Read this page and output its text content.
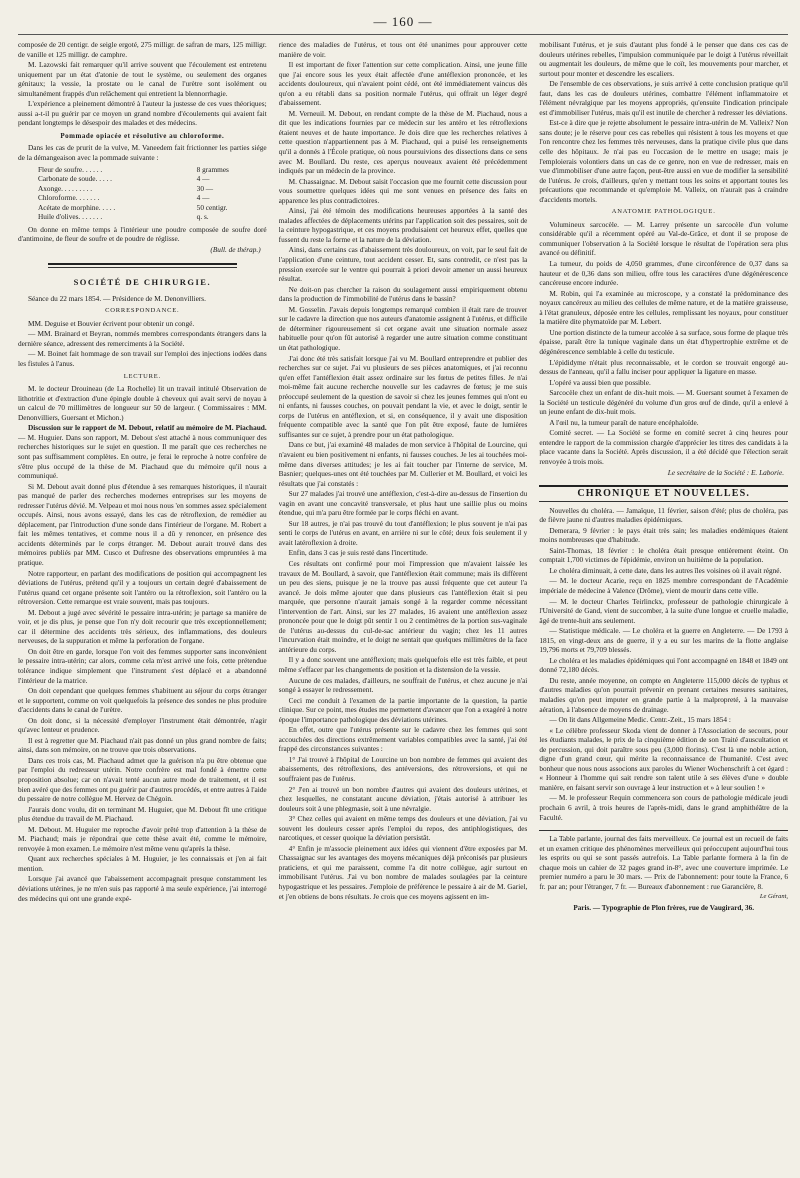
— 160 —

composée de 20 centigr. de seigle ergoté, 275 milligr. de safran de mars, 125 milligr. de vanille et 125 milligr. de camphre.

M. Lazowski fait remarquer qu'il arrive souvent que l'écoulement est entretenu uniquement par un état d'atonie de tout le système, ou seulement des organes génitaux; la vessie, la prostate ou le canal de l'urètre sont isolément ou simultanément frappés d'un relâchement qui entretient la blennorrhagie.

L'expérience a pleinement démontré à l'auteur la justesse de ces vues théoriques; aussi a-t-il pu guérir par ce moyen un grand nombre d'écoulements qui avaient fait pendant longtemps le désespoir des malades et des médecins.

Pommade opiacée et résolutive au chloroforme.

Dans les cas de prurit de la vulve, M. Vaneedem fait frictionner les parties siége de la démangeaison avec la pommade suivante :

Fleur de soufre. . . . . .	8 grammes
Carbonate de soude. . . . .	4 —
Axonge. . . . . . . . .	30 —
Chloroforme. . . . . . .	4 —
Acétate de morphine. . . . .	50 centigr.
Huile d'olives. . . . . . .	q. s.

On donne en même temps à l'intérieur une poudre composée de soufre doré d'antimoine, de fleur de soufre et de poudre de réglisse.

(Bull. de thérap.)
SOCIÉTÉ DE CHIRURGIE.

Séance du 22 mars 1854. — Présidence de M. Denonvilliers.

CORRESPONDANCE.

MM. Deguise et Bouvier écrivent pour obtenir un congé.

— MM. Brainard et Beyran, nommés membres correspondants étrangers dans la dernière séance, adressent des remerciments à la Société.

— M. Boinet fait hommage de son travail sur l'emploi des injections iodées dans les fistules à l'anus.

LECTURE.

M. le docteur Drouineau (de La Rochelle) lit un travail intitulé Observation de lithotritie et d'extraction d'une épingle double à cheveux qui avait servi de noyau à un calcul de 70 millimètres de longueur sur 50 de largeur. ( Commissaires : MM. Denonvilliers, Guersant et Michon.)

Discussion sur le rapport de M. Debout, relatif au mémoire de M. Piachaud. — M. Huguier. Dans son rapport, M. Debout s'est attaché à nous communiquer des recherches historiques sur le sujet en question. Il me paraît que ces recherches ne sont pas suffisamment complètes. En outre, je ferai le reproche à notre confrère de s'être plus occupé de la thèse de M. Piachaud que du mémoire qu'il nous a communiqué.

Si M. Debout avait donné plus d'étendue à ses remarques historiques, il n'aurait pas manqué de parler des recherches modernes entreprises sur les moyens de redresser l'utérus dévié. M. Velpeau et moi nous nous 'en sommes assez spécialement occupés. Ainsi, nous avons essayé, dans les cas de rétroflexion, de remédier au déplacement, par l'introduction d'une sonde dans l'intérieur de l'organe. M. Robert a fait les mêmes tentatives, et comme nous il a dû y renoncer, en présence des accidents déterminés par le corps étranger. M. Debout aurait trouvé dans des mémoires publiés par MM. Cusco et Dufresne des observations empruntées à ma pratique.

Notre rapporteur, en parlant des modifications de position qui accompagnent les déviations de l'utérus, prétend qu'il y a toujours un certain degré d'abaissement de l'utérus quand cet organe présente soit l'antéro ou la rétroflexion, soit l'antéro ou la rétroversion. Cette remarque est vraie souvent, mais pas toujours.

M. Debout a jugé avec sévérité le pessaire intra-utérin; je partage sa manière de voir, et je dis plus, je pense que l'on n'y doit recourir que très exceptionnellement; car il détermine des accidents très sérieux, des inflammations, des douleurs nerveuses, de la suppuration et même la perforation de l'organe.

On doit être en garde, lorsque l'on voit des femmes supporter sans inconvénient le pessaire intra-utérin; car alors, comme cela m'est arrivé une fois, cette prétendue tolérance indique simplement que l'instrument s'est déplacé et a abandonné l'intérieur de la matrice.

On doit cependant que quelques femmes s'habituent au séjour du corps étranger et le supportent, comme on voit quelquefois la présence des sondes ne plus produire d'accidents dans le canal de l'urètre.

On doit donc, si la nécessité d'employer l'instrument était démontrée, n'agir qu'avec lenteur et prudence.

Il est à regretter que M. Piachaud n'ait pas donné un plus grand nombre de faits; ainsi, dans son mémoire, on ne trouve que trois observations.

Dans ces trois cas, M. Piachaud admet que la guérison n'a pu être obtenue que par l'emploi du redresseur utérin. Notre confrère est mal fondé à émettre cette proposition absolue; car on n'avait tenté aucun autre mode de traitement, et il est bien avéré que des femmes ont pu guérir par d'autres procédés, et entre autres à l'aide du pessaire de notre collègue M. Hervez de Chégoin.

J'aurais donc voulu, dit en terminant M. Huguier, que M. Debout fît une critique plus étendue du travail de M. Piachaud.

M. Debout. M. Huguier me reproche d'avoir prêté trop d'attention à la thèse de M. Piachaud; mais je répondrai que cette thèse avait été, comme le mémoire, renvoyée à mon examen. Le mémoire n'est même venu qu'après la thèse.

Quant aux recherches spéciales à M. Huguier, je les connaissais et j'en ai fait mention.

Lorsque j'ai avancé que l'abaissement accompagnait presque constamment les déviations utérines, je ne m'en suis pas rapporté à ma seule expérience, j'ai interrogé des médecins qui ont une grande expé-

rience des maladies de l'utérus, et tous ont été unanimes pour approuver cette manière de voir.

Il est important de fixer l'attention sur cette complication. Ainsi, une jeune fille que j'ai encore sous les yeux était affectée d'une antéflexion prononcée, et les accidents douloureux, qui n'avaient point cédé, ont été immédiatement vaincus dès qu'on a eu rétabli dans sa position normale l'utérus, qui offrait un léger degré d'abaissement.

M. Verneuil. M. Debout, en rendant compte de la thèse de M. Piachaud, nous a dit que les indications fournies par ce médecin sur les antéro et les rétroflexions étaient neuves et de haute importance. Je dois dire que les recherches relatives à cette question n'appartiennent pas à M. Piachaud, qui a puisé les renseignements qu'il a donnés à l'École pratique, où nous poursuivions des dissections dans ce sens avec M. Boullard. Du reste, ces aperçus nouveaux avaient été précédemment indiqués par un médecin de la province.

M. Chassaignac. M. Debout saisit l'occasion que me fournit cette discussion pour vous soumettre quelques idées qui me sont venues en présence des faits en apparence les plus contradictoires.

Ainsi, j'ai été témoin des modifications heureuses apportées à la santé des malades affectées de déplacements utérins par l'application soit des pessaires, soit de la ceinture hypogastrique, et ces moyens produisaient cet heureux effet, quelles que fussent du reste la forme et la nature de la déviation.

Ainsi, dans certains cas d'abaissement très douloureux, on voit, par le seul fait de l'application d'une ceinture, tout accident cesser. Et, sans contredit, ce n'est pas la pression exercée sur le ventre qui pourrait à priori devoir amener un aussi heureux résultat.

Ne doit-on pas chercher la raison du soulagement aussi empiriquement obtenu dans la production de l'immobilité de l'utérus dans le bassin?

M. Gosselin. J'avais depuis longtemps remarqué combien il était rare de trouver sur le cadavre la direction que nos auteurs d'anatomie assignent à l'utérus, et difficile de déterminer rigoureusement si cet organe avait une situation normale assez habituelle pour qu'on fût autorisé à regarder une autre situation comme constituant un état pathologique.

J'ai donc été très satisfait lorsque j'ai vu M. Boullard entreprendre et publier des recherches sur ce sujet. J'ai vu plusieurs de ses pièces anatomiques, et j'ai reconnu qu'en effet l'antéflexion était assez ordinaire sur les fœtus de petites filles. Je n'ai moi-même fait aucune recherche nouvelle sur les cadavres de fœtus; je me suis préoccupé seulement de la question de savoir si chez les jeunes femmes qui n'ont eu ni enfants, ni fausses couches, on pouvait pendant la vie, et avec le doigt, sentir le corps de l'utérus en antéflexion, et si, en conséquence, il y avait une disposition fréquente compatible avec la santé que l'on pût être exposé, faute de lumières suffisantes sur ce sujet, à prendre pour un état pathologique.

Dans ce but, j'ai examiné 48 malades de mon service à l'hôpital de Lourcine, qui n'avaient eu bien positivement ni enfants, ni fausses couches. Je les ai touchées moi-même dans diverses attitudes; je les ai fait toucher par l'interne de service, M. Basnier; quelques-unes ont été touchées par M. Cullerier et M. Boullard, et voici les résultats que j'ai constatés :

Sur 27 malades j'ai trouvé une antéflexion, c'est-à-dire au-dessus de l'insertion du vagin en avant une concavité transversale, et plus haut une saillie plus ou moins étendue, qui m'a paru être formée par le corps fléchi en avant.

Sur 18 autres, je n'ai pas trouvé du tout d'antéflexion; le plus souvent je n'ai pas senti le corps de l'utérus en avant, en arrière ni sur le côté; deux fois seulement il y avait latéroflexion à droite.

Enfin, dans 3 cas je suis resté dans l'incertitude.

Ces résultats ont confirmé pour moi l'impression que m'avaient laissée les travaux de M. Boullard, à savoir, que l'antéflexion était commune; mais ils diffèrent un peu des siens, puisque je ne la trouve pas aussi fréquente que cet auteur l'a avancé. Je dois même ajouter que dans plusieurs cas l'antéflexion était si peu marquée, que personne n'aurait jamais songé à la regarder comme nécessitant l'intervention de l'art. Ainsi, sur les 27 malades, 16 avaient une antéflexion assez prononcée pour que le doigt pût sentir 1 ou 2 centimètres de la portion sus-vaginale de l'utérus au-dessus du cul-de-sac antérieur du vagin; chez les 11 autres l'incurvation était moindre, et le doigt ne sentait que quelques millimètres de la face antérieure du corps.

Il y a donc souvent une antéflexion; mais quelquefois elle est très faible, et peut même s'effacer par les changements de position et la distension de la vessie.

Aucune de ces malades, d'ailleurs, ne souffrait de l'utérus, et chez aucune je n'ai songé à essayer le redressement.

Ceci me conduit à l'examen de la partie importante de la question, la partie clinique. Sur ce point, mes études me permettent d'avancer que l'on a exagéré à notre époque l'importance pathologique des déviations utérines.

En effet, outre que l'utérus présente sur le cadavre chez les femmes qui sont accouchées des directions extrêmement variables compatibles avec la santé, j'ai été frappé des circonstances suivantes :

1° J'ai trouvé à l'hôpital de Lourcine un bon nombre de femmes qui avaient des abaissements, des rétroflexions, des antéversions, des rétroversions, et qui ne souffraient pas de l'utérus.

2° J'en ai trouvé un bon nombre d'autres qui avaient des douleurs utérines, et chez lesquelles, ne constatant aucune déviation, j'étais autorisé à attribuer les douleurs soit à une phlegmasie, soit à une névralgie.

3° Chez celles qui avaient en même temps des douleurs et une déviation, j'ai vu souvent les douleurs cesser après l'emploi du repos, des antiphlogistiques, des narcotiques, et cesser quoique la déviation persistât.

4° Enfin je m'associe pleinement aux idées qui viennent d'être exposées par M. Chassaignac sur les avantages des moyens mécaniques déjà préconisés par plusieurs praticiens, et qui me paraissent, comme l'a dit notre collègue, agir surtout en immobilisant l'utérus. J'ai vu bon nombre de malades soulagées par la ceinture hypogastrique et les pessaires. J'emploie de préférence le pessaire à air de M. Gariel, et j'en obtiens de bons résultats. Je crois que ces moyens agissent en im-

mobilisant l'utérus, et je suis d'autant plus fondé à le penser que dans ces cas de douleurs utérines rebelles, l'impulsion communiquée par le doigt à l'utérus réveillait ou augmentait les douleurs, de même que le coït, les mouvements pour marcher, et surtout pour monter et descendre les escaliers.

De l'ensemble de ces observations, je suis arrivé à cette conclusion pratique qu'il faut, dans les cas de douleurs utérines, combattre l'élément inflammatoire et l'élément névralgique par les moyens appropriés, qu'ensuite l'indication principale est d'immobiliser l'utérus, mais qu'il est inutile de chercher à redresser les déviations.

Est-ce à dire que je rejette absolument le pessaire intra-utérin de M. Valleix? Non sans doute; je le réserve pour ces cas rebelles qui résistent à tous les moyens et que l'on rencontre chez les femmes très nerveuses, dans la pratique civile plus que dans celle des hôpitaux. Je n'ai pas eu l'occasion de le mettre en usage; mais je l'emploierais volontiers dans un cas de ce genre, non en vue de redresser, mais en vue d'immobiliser d'une autre façon, peut-être aussi en vue de modifier la sensibilité de l'utérus. Je crois, d'ailleurs, qu'en y mettant tous les soins et apportant toutes les précautions que recommande et qu'emploie M. Valleix, on n'aurait pas à craindre d'accidents mortels.

ANATOMIE PATHOLOGIQUE.

Volumineux sarcocèle. — M. Larrey présente un sarcocèle d'un volume considérable qu'il a récemment opéré au Val-de-Grâce, et dont il se propose de communiquer l'observation à la Société lorsque le résultat de l'opération sera plus avancé ou définitif.

La tumeur, du poids de 4,050 grammes, d'une circonférence de 0,37 dans sa hauteur et de 0,36 dans son milieu, offre tous les caractères d'une dégénérescence cancéreuse encore indurée.

M. Robin, qui l'a examinée au microscope, y a constaté la prédominance des noyaux cancéreux au milieu des cellules de même nature, et de la matière graisseuse, à l'état granuleux, déposée entre les cellules, remplissant les noyaux, pour constituer la matière dite phymatoïde par M. Lebert.

Une portion distincte de la tumeur accolée à sa surface, sous forme de plaque très épaisse, paraît être la tunique vaginale dans un état d'hypertrophie extrême et de dégénérescence semblable à celle du testicule.

L'épididyme n'était plus reconnaissable, et le cordon se trouvait engorgé au-dessus de l'anneau, qu'il a fallu inciser pour appliquer la ligature en masse.

L'opéré va aussi bien que possible.

Sarcocèle chez un enfant de dix-huit mois. — M. Guersant soumet à l'examen de la Société un testicule dégénéré du volume d'un gros œuf de dinde, qu'il a enlevé à un jeune enfant de dix-huit mois.

A l'œil nu, la tumeur paraît de nature encéphaloïde.

Comité secret. — La Société se forme en comité secret à cinq heures pour entendre le rapport de la commission chargée d'apprécier les titres des candidats à la place vacante dans la Société. Après discussion, il a été décidé que l'élection serait renvoyée à trois mois.

Le secrétaire de la Société : E. Laborie.
CHRONIQUE ET NOUVELLES.

Nouvelles du choléra. — Jamaïque, 11 février, saison d'été; plus de choléra, pas de fièvre jaune ni d'autres maladies épidémiques.

Demerara, 9 février : le pays était très sain; les maladies endémiques étaient moins nombreuses que d'habitude.

Saint-Thomas, 18 février : le choléra était presque entièrement éteint. On comptait 1,700 victimes de l'épidémie, environ un huitième de la population.

Le choléra diminuait, à cette date, dans les autres îles voisines où il avait régné.

— M. le docteur Acarie, reçu en 1825 membre correspondant de l'Académie impériale de médecine à Valence (Drôme), vient de mourir dans cette ville.

— M. le docteur Charles Teirlinckx, professeur de pathologie chirurgicale à l'Université de Gand, vient de succomber, à la suite d'une longue et cruelle maladie, âgé de trente-huit ans seulement.

— Statistique médicale. — Le choléra et la guerre en Angleterre. — De 1793 à 1815, en vingt-deux ans de guerre, il y a eu sur les marins de la flotte anglaise 19,796 morts et 79,709 blessés.

Le choléra et les maladies épidémiques qui l'ont accompagné en 1848 et 1849 ont donné 72,180 décès.

Du reste, année moyenne, on compte en Angleterre 115,000 décès de typhus et d'autres maladies qu'on pourrait prévenir en prenant certaines mesures sanitaires, maladies qu'on peut imputer en grande partie à la malpropreté, à la mauvaise aération, à l'absence de moyens de drainage.

— On lit dans Allgemeine Medic. Centr.-Zeit., 15 mars 1854 :

« Le célèbre professeur Skoda vient de donner à l'Association de secours, pour les étudiants malades, le prix de la cinquième édition de son Traité d'auscultation et de percussion, qui doit paraître sous peu (3,000 florins). C'est là une noble action, digne d'un grand cœur, qui mérite la reconnaissance de l'humanité. C'est avec bonheur que nous nous associons aux paroles du Wiener Wochenschrift à cet égard : « Honneur à l'homme qui sait rendre son talent utile à ses élèves d'une » double manière, en faisant servir son ouvrage à leur instruction et » à leur soulien ! »

— M. le professeur Requin commencera son cours de pathologie médicale jeudi prochain 6 avril, à trois heures de l'après-midi, dans le grand amphithéâtre de la Faculté.

La Table parlante, journal des faits merveilleux. Ce journal est un recueil de faits et un examen critique des phénomènes merveilleux qui préoccupent aujourd'hui tous les esprits ou qui se sont passés autrefois. La Table parlante formera à la fin de chaque mois un cahier de 32 pages grand in-8°, avec une couverture imprimée. Le premier numéro a paru le 30 mars. — Prix de l'abonnement: pour toute la France, 6 fr. par an; pour l'étranger, 7 fr. — Bureaux d'abonnement : rue Garancière, 8.

Le Gérant,
Paris. — Typographie de Plon frères, rue de Vaugirard, 36.
